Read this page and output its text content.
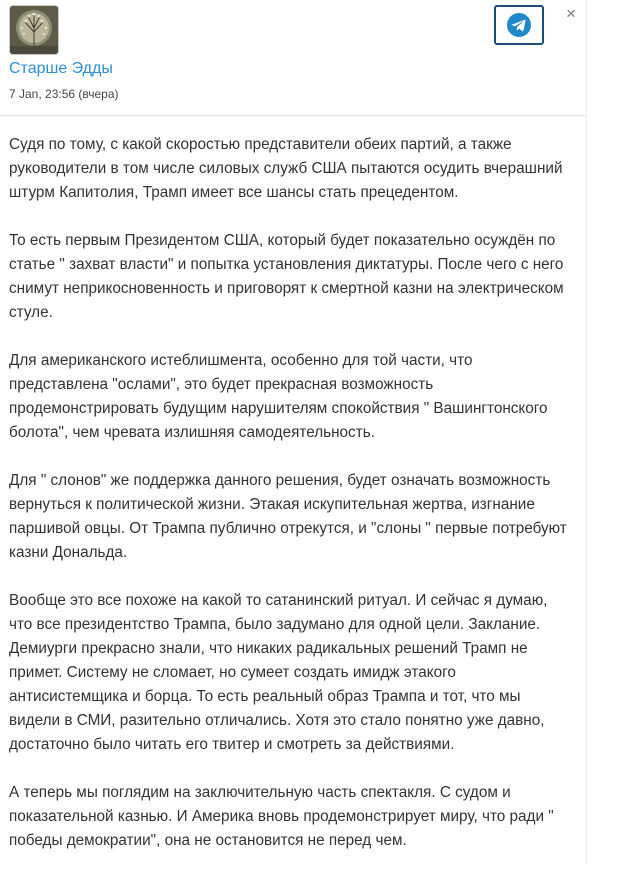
Старше Эдды
7 Jan, 23:56 (вчера)
×

Судя по тому, с какой скоростью представители обеих партий, а также
руководители в том числе силовых служб США пытаются осудить вчерашний
штурм Капитолия, Трамп имеет все шансы стать прецедентом.

То есть первым Президентом США, который будет показательно осуждён по
статье " захват власти" и попытка установления диктатуры. После чего с него
снимут неприкосновенность и приговорят к смертной казни на электрическом
стуле.

Для американского истеблишмента, особенно для той части, что
представлена "ослами", это будет прекрасная возможность
продемонстрировать будущим нарушителям спокойствия " Вашингтонского
болота", чем чревата излишняя самодеятельность.

Для " слонов" же поддержка данного решения, будет означать возможность
вернуться к политической жизни. Этакая искупительная жертва, изгнание
паршивой овцы. От Трампа публично отрекутся, и "слоны " первые потребуют
казни Дональда.

Вообще это все похоже на какой то сатанинский ритуал. И сейчас я думаю,
что все президентство Трампа, было задумано для одной цели. Заклание.
Демиурги прекрасно знали, что никаких радикальных решений Трамп не
примет. Систему не сломает, но сумеет создать имидж этакого
антисистемщика и борца. То есть реальный образ Трампа и тот, что мы
видели в СМИ, разительно отличались. Хотя это стало понятно уже давно,
достаточно было читать его твитер и смотреть за действиями.

А теперь мы поглядим на заключительную часть спектакля. С судом и
показательной казнью. И Америка вновь продемонстрирует миру, что ради "
победы демократии", она не остановится не перед чем.
